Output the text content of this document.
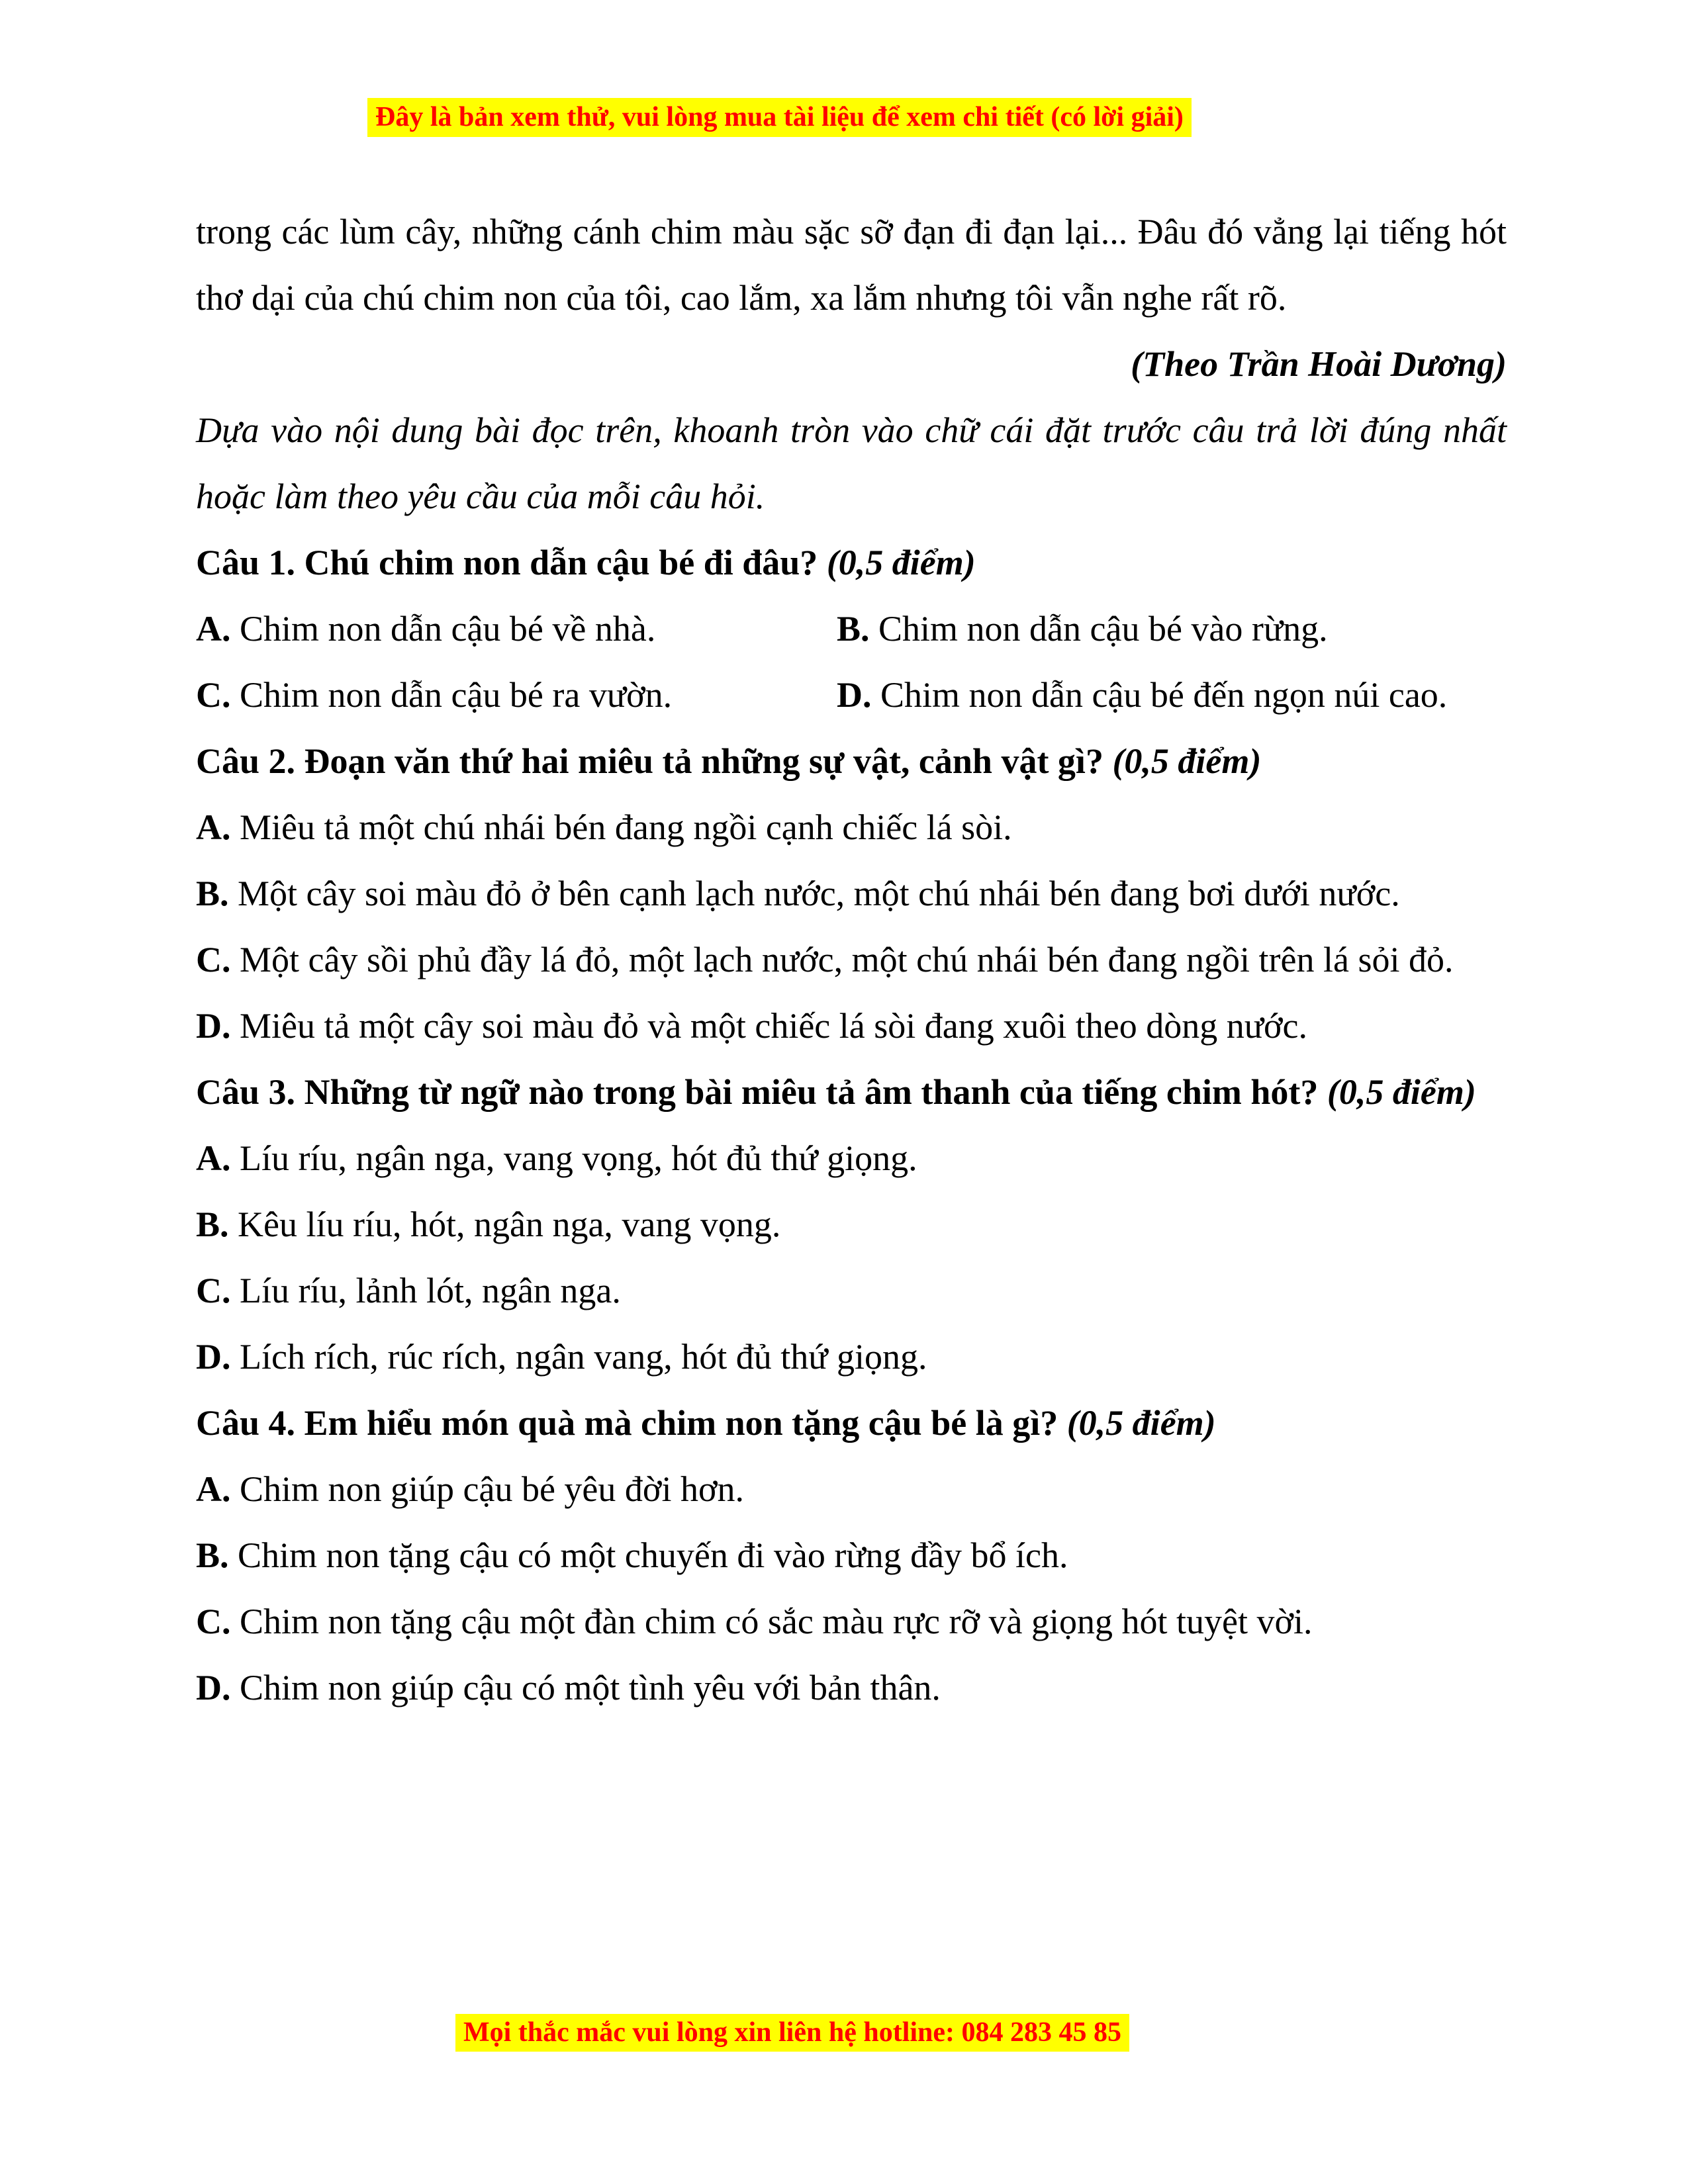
Đây là bản xem thử, vui lòng mua tài liệu để xem chi tiết (có lời giải)

trong các lùm cây, những cánh chim màu sặc sỡ đạn đi đạn lại... Đâu đó vẳng lại tiếng hót thơ dại của chú chim non của tôi, cao lắm, xa lắm nhưng tôi vẫn nghe rất rõ.

(Theo Trần Hoài Dương)

Dựa vào nội dung bài đọc trên, khoanh tròn vào chữ cái đặt trước câu trả lời đúng nhất hoặc làm theo yêu cầu của mỗi câu hỏi.

Câu 1. Chú chim non dẫn cậu bé đi đâu? (0,5 điểm)

A. Chim non dẫn cậu bé về nhà.	B. Chim non dẫn cậu bé vào rừng.

C. Chim non dẫn cậu bé ra vườn.	D. Chim non dẫn cậu bé đến ngọn núi cao.

Câu 2. Đoạn văn thứ hai miêu tả những sự vật, cảnh vật gì? (0,5 điểm)

A. Miêu tả một chú nhái bén đang ngồi cạnh chiếc lá sòi.

B. Một cây soi màu đỏ ở bên cạnh lạch nước, một chú nhái bén đang bơi dưới nước.

C. Một cây sồi phủ đầy lá đỏ, một lạch nước, một chú nhái bén đang ngồi trên lá sỏi đỏ.

D. Miêu tả một cây soi màu đỏ và một chiếc lá sòi đang xuôi theo dòng nước.

Câu 3. Những từ ngữ nào trong bài miêu tả âm thanh của tiếng chim hót? (0,5 điểm)

A. Líu ríu, ngân nga, vang vọng, hót đủ thứ giọng.

B. Kêu líu ríu, hót, ngân nga, vang vọng.

C. Líu ríu, lảnh lót, ngân nga.

D. Lích rích, rúc rích, ngân vang, hót đủ thứ giọng.

Câu 4. Em hiểu món quà mà chim non tặng cậu bé là gì? (0,5 điểm)

A. Chim non giúp cậu bé yêu đời hơn.

B. Chim non tặng cậu có một chuyến đi vào rừng đầy bổ ích.

C. Chim non tặng cậu một đàn chim có sắc màu rực rỡ và giọng hót tuyệt vời.

D. Chim non giúp cậu có một tình yêu với bản thân.

Mọi thắc mắc vui lòng xin liên hệ hotline: 084 283 45 85
